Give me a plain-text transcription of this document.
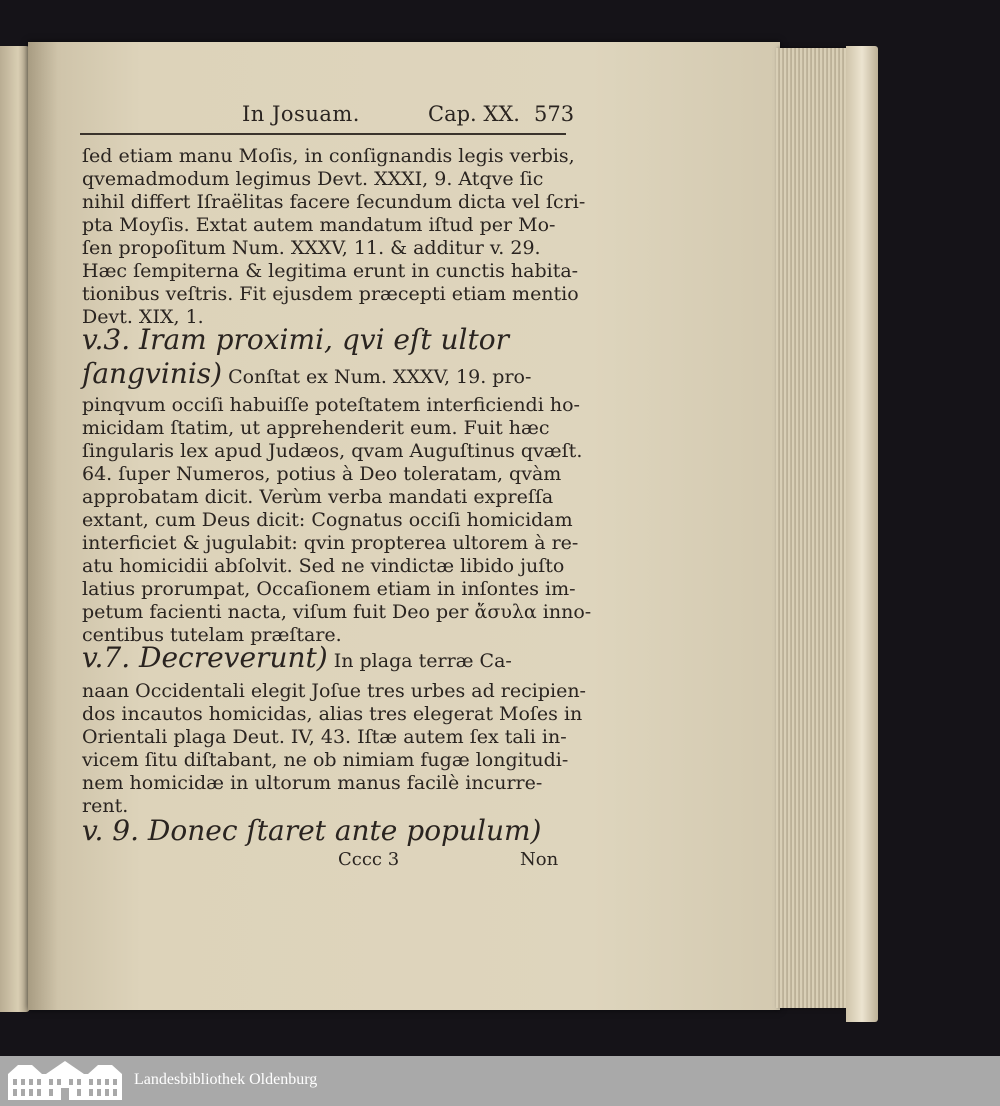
In Josuam.	Cap. XX. 573

ſed etiam manu Moſis, in conſignandis legis verbis,

qvemadmodum legimus Devt. XXXI, 9. Atqve ſic

nihil differt Iſraëlitas facere ſecundum dicta vel ſcri-

pta Moyſis. Extat autem mandatum iſtud per Mo-

ſen propoſitum Num. XXXV, 11. & additur v. 29.

Hæc ſempiterna & legitima erunt in cunctis habita-

tionibus veſtris. Fit ejusdem præcepti etiam mentio

Devt. XIX, 1.

v.3. Iram proximi, qvi eſt ultor

ſangvinis) Conſtat ex Num. XXXV, 19. pro-

pinqvum occiſi habuiſſe poteſtatem interficiendi ho-

micidam ſtatim, ut apprehenderit eum. Fuit hæc

ſingularis lex apud Judæos, qvam Auguſtinus qvæſt.

64. ſuper Numeros, potius à Deo toleratam, qvàm

approbatam dicit. Verùm verba mandati expreſſa

extant, cum Deus dicit: Cognatus occiſi homicidam

interficiet & jugulabit: qvin propterea ultorem à re-

atu homicidii abſolvit. Sed ne vindictæ libido juſto

latius prorumpat, Occaſionem etiam in inſontes im-

petum facienti nacta, viſum fuit Deo per ἄσυλα inno-

centibus tutelam præſtare.

v.7. Decreverunt) In plaga terræ Ca-

naan Occidentali elegit Joſue tres urbes ad recipien-

dos incautos homicidas, alias tres elegerat Moſes in

Orientali plaga Deut. IV, 43. Iſtæ autem ſex tali in-

vicem ſitu diſtabant, ne ob nimiam fugæ longitudi-

nem homicidæ in ultorum manus facilè incurre-

rent.

v. 9. Donec ſtaret ante populum)

Cccc 3	Non
Landesbibliothek Oldenburg
